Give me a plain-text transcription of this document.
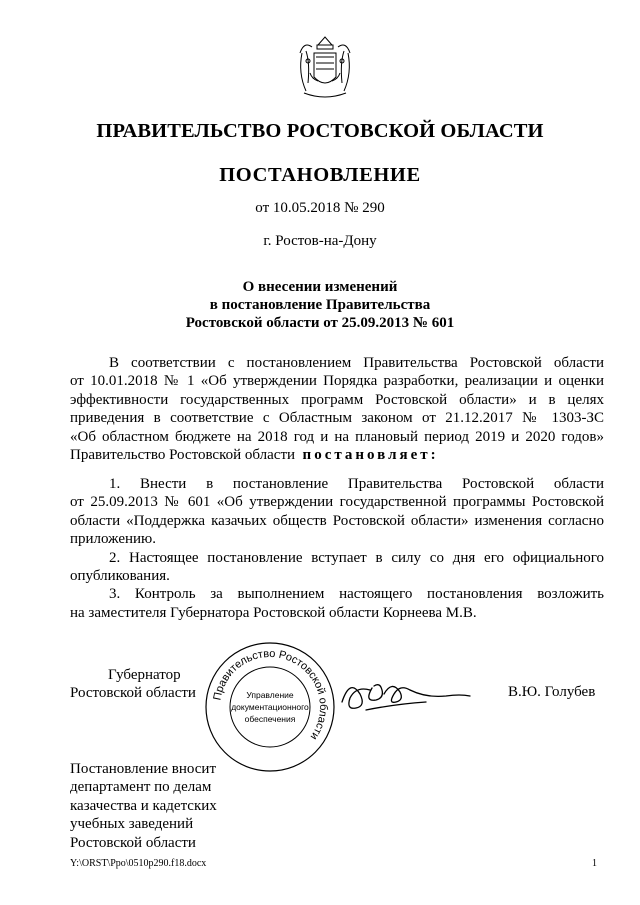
ПРАВИТЕЛЬСТВО РОСТОВСКОЙ ОБЛАСТИ
ПОСТАНОВЛЕНИЕ
от 10.05.2018 № 290
г. Ростов-на-Дону
О внесении изменений
в постановление Правительства
Ростовской области от 25.09.2013 № 601
В соответствии с постановлением Правительства Ростовской области
от 10.01.2018 № 1 «Об утверждении Порядка разработки, реализации и оценки
эффективности государственных программ Ростовской области» и в целях
приведения в соответствие с Областным законом от 21.12.2017 № 1303-ЗС
«Об областном бюджете на 2018 год и на плановый период 2019 и 2020 годов»
Правительство Ростовской области постановляет:
1. Внести в постановление Правительства Ростовской области
от 25.09.2013 № 601 «Об утверждении государственной программы Ростовской
области «Поддержка казачьих обществ Ростовской области» изменения согласно
приложению.
2. Настоящее постановление вступает в силу со дня его официального
опубликования.
3. Контроль за выполнением настоящего постановления возложить
на заместителя Губернатора Ростовской области Корнеева М.В.
Губернатор
Ростовской области	Правительство Ростовской области
Управление
документационного
обеспечения
В.Ю. Голубев
Постановление вносит
департамент по делам
казачества и кадетских
учебных заведений
Ростовской области
Y:\ORST\Ppo\0510p290.f18.docx	1
